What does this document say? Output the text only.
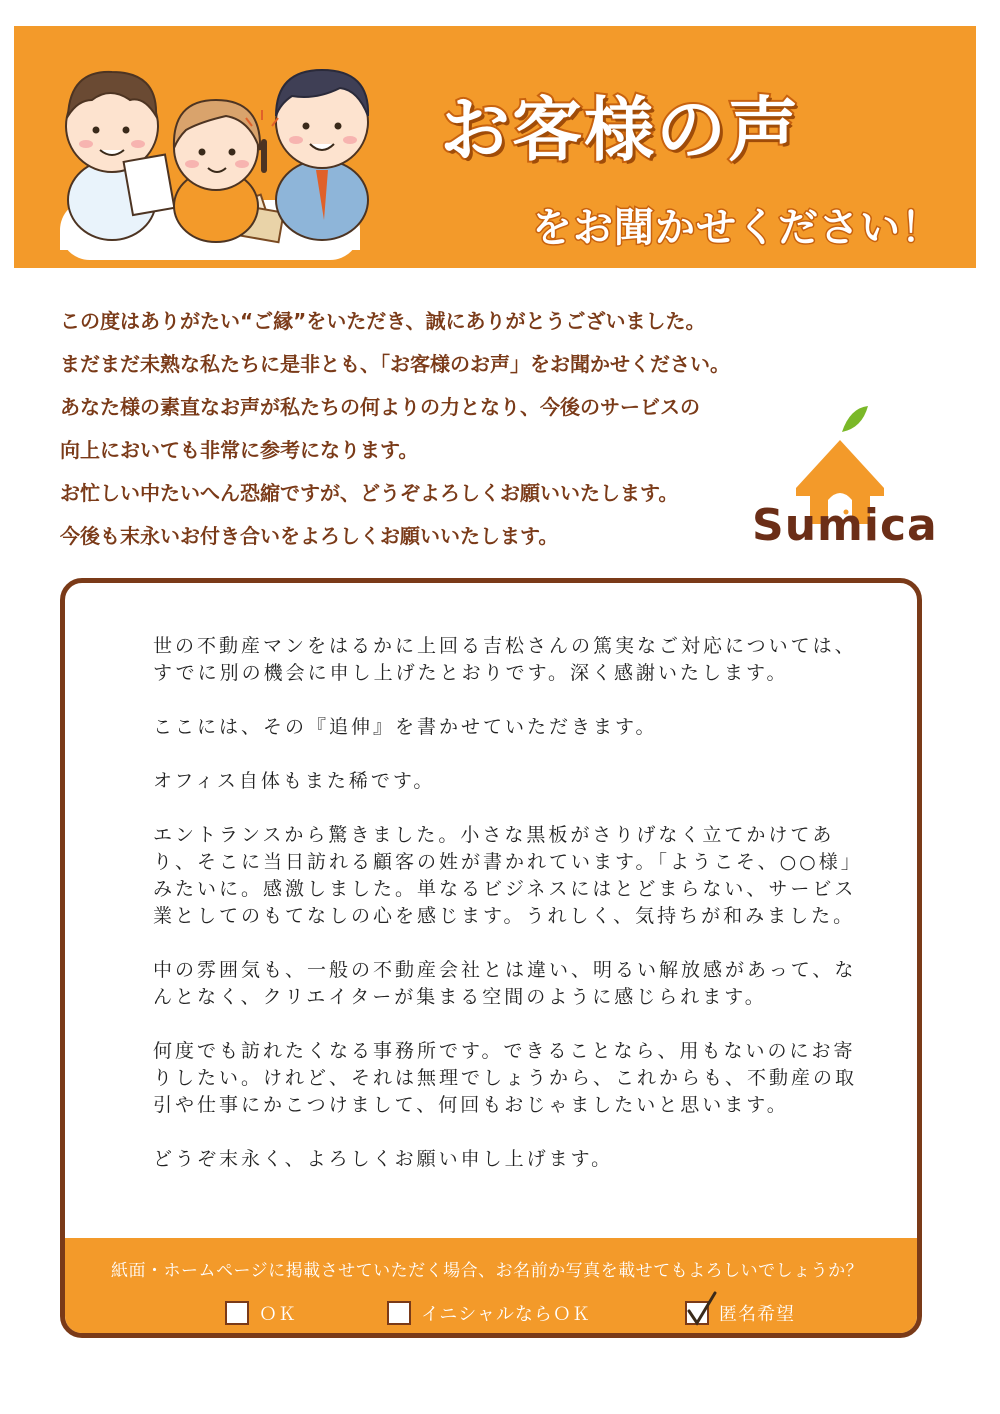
お客様の声
をお聞かせください！

この度はありがたい“ご縁”をいただき、誠にありがとうございました。

まだまだ未熟な私たちに是非とも、「お客様のお声」をお聞かせください。

あなた様の素直なお声が私たちの何よりの力となり、今後のサービスの

向上においても非常に参考になります。

お忙しい中たいへん恐縮ですが、どうぞよろしくお願いいたします。

今後も末永いお付き合いをよろしくお願いいたします。	Sumica

世の不動産マンをはるかに上回る吉松さんの篤実なご対応については、すでに別の機会に申し上げたとおりです。深く感謝いたします。

ここには、その『追伸』を書かせていただきます。

オフィス自体もまた稀です。

エントランスから驚きました。小さな黒板がさりげなく立てかけてあり、そこに当日訪れる顧客の姓が書かれています。「ようこそ、○○様」みたいに。感激しました。単なるビジネスにはとどまらない、サービス業としてのもてなしの心を感じます。うれしく、気持ちが和みました。

中の雰囲気も、一般の不動産会社とは違い、明るい解放感があって、なんとなく、クリエイターが集まる空間のように感じられます。

何度でも訪れたくなる事務所です。できることなら、用もないのにお寄りしたい。けれど、それは無理でしょうから、これからも、不動産の取引や仕事にかこつけまして、何回もおじゃましたいと思います。

どうぞ末永く、よろしくお願い申し上げます。

紙面・ホームページに掲載させていただく場合、お名前か写真を載せてもよろしいでしょうか？
ＯＫ	イニシャルならＯＫ	匿名希望
